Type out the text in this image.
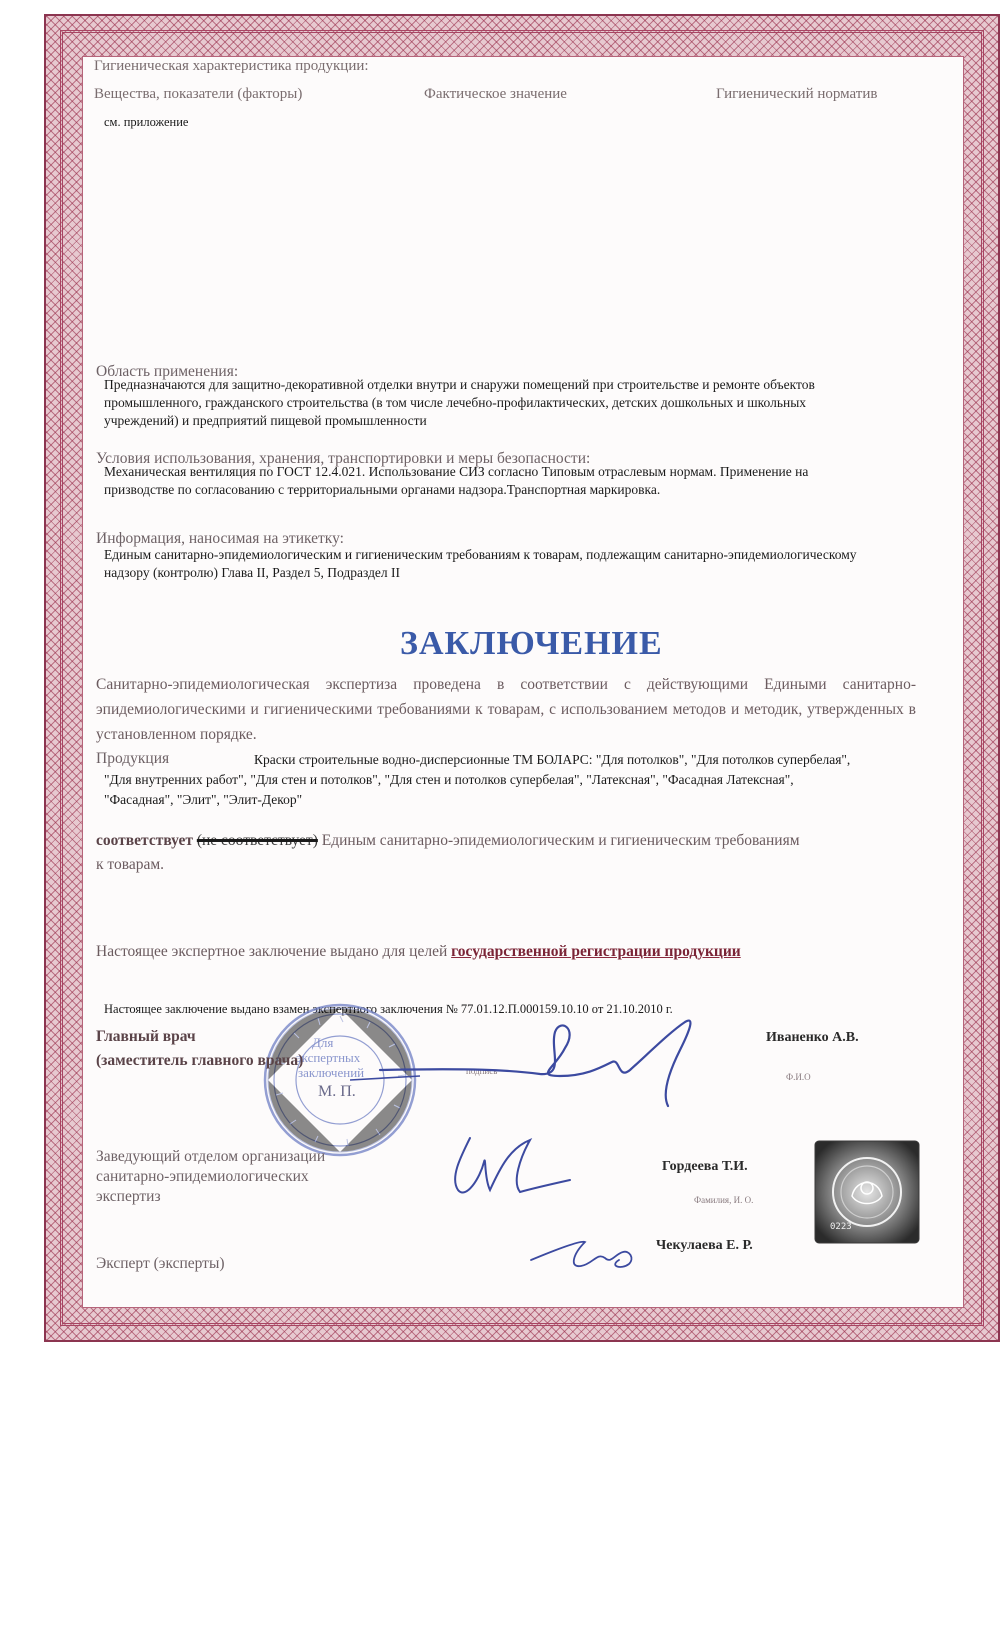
Гигиеническая характеристика продукции:
Вещества, показатели (факторы)	Фактическое значение	Гигиенический норматив
см. приложение
Область применения:
Предназначаются для защитно-декоративной отделки внутри и снаружи помещений при строительстве и ремонте объектов
промышленного, гражданского строительства (в том числе лечебно-профилактических, детских дошкольных и школьных
учреждений) и предприятий пищевой промышленности
Условия использования, хранения, транспортировки и меры безопасности:
Механическая вентиляция по ГОСТ 12.4.021. Использование СИЗ согласно Типовым отраслевым нормам. Применение на
призводстве по согласованию с территориальными органами надзора.Транспортная маркировка.
Информация, наносимая на этикетку:
Единым санитарно-эпидемиологическим и гигиеническим требованиям к товарам, подлежащим санитарно-эпидемиологическому
надзору (контролю) Глава II, Раздел 5, Подраздел II
ЗАКЛЮЧЕНИЕ
Санитарно-эпидемиологическая экспертиза проведена в соответствии с действующими Едиными санитарно-эпидемиологическими и гигиеническими требованиями к товарам, с использованием методов и методик, утвержденных в установленном порядке.
Продукция	Краски строительные водно-дисперсионные ТМ БОЛАРС: "Для потолков", "Для потолков супербелая",
"Для внутренних работ", "Для стен и потолков", "Для стен и потолков супербелая", "Латексная", "Фасадная Латексная",
"Фасадная", "Элит", "Элит-Декор"
соответствует (не соответствует) Единым санитарно-эпидемиологическим и гигиеническим требованиям
к товарам.
Настоящее экспертное заключение выдано для целей государственной регистрации продукции
Настоящее заключение выдано взамен экспертного заключения № 77.01.12.П.000159.10.10 от 21.10.2010 г.
Для
экспертных
заключений
М. П.
Главный врач
(заместитель главного врача)
Иваненко А.В.
Ф.И.О
подпись
Заведующий отделом организации
санитарно-эпидемиологических
экспертиз
Гордеева Т.И.
Фамилия, И. О.
Эксперт (эксперты)
Чекулаева Е. Р.
0223
